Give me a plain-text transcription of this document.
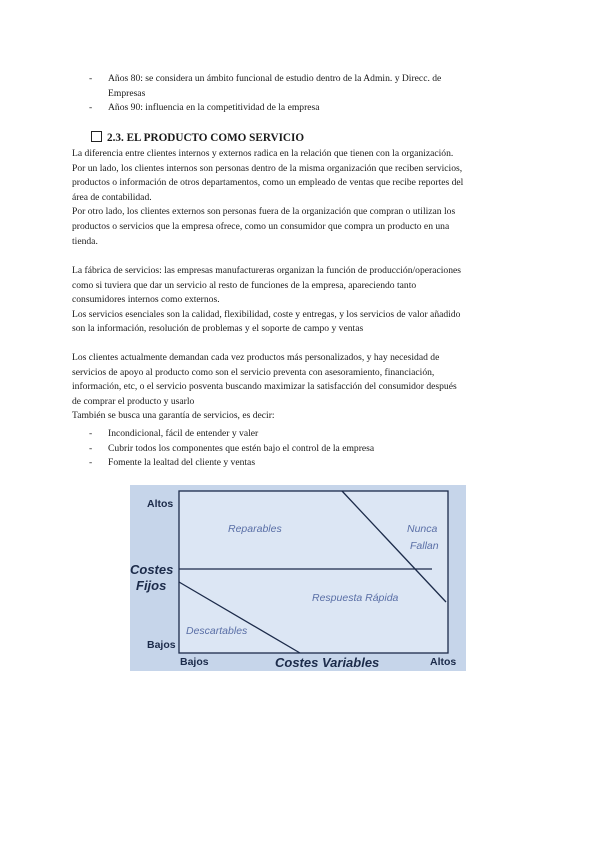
- Años 80: se considera un ámbito funcional de estudio dentro de la Admin. y Direcc. de
Empresas
- Años 90: influencia en la competitividad de la empresa
2.3. EL PRODUCTO COMO SERVICIO
La diferencia entre clientes internos y externos radica en la relación que tienen con la organización.
Por un lado, los clientes internos son personas dentro de la misma organización que reciben servicios,
productos o información de otros departamentos, como un empleado de ventas que recibe reportes del
área de contabilidad.
Por otro lado, los clientes externos son personas fuera de la organización que compran o utilizan los
productos o servicios que la empresa ofrece, como un consumidor que compra un producto en una
tienda.
La fábrica de servicios: las empresas manufactureras organizan la función de producción/operaciones
como si tuviera que dar un servicio al resto de funciones de la empresa, apareciendo tanto
consumidores internos como externos.
Los servicios esenciales son la calidad, flexibilidad, coste y entregas, y los servicios de valor añadido
son la información, resolución de problemas y el soporte de campo y ventas
Los clientes actualmente demandan cada vez productos más personalizados, y hay necesidad de
servicios de apoyo al producto como son el servicio preventa con asesoramiento, financiación,
información, etc, o el servicio posventa buscando maximizar la satisfacción del consumidor después
de comprar el producto y usarlo
También se busca una garantía de servicios, es decir:
- Incondicional, fácil de entender y valer
- Cubrir todos los componentes que estén bajo el control de la empresa
- Fomente la lealtad del cliente y ventas
Altos
Bajos
Costes
Fijos
Bajos	Costes Variables	Altos
Reparables	Nunca
Fallan
Respuesta Rápida
Descartables
